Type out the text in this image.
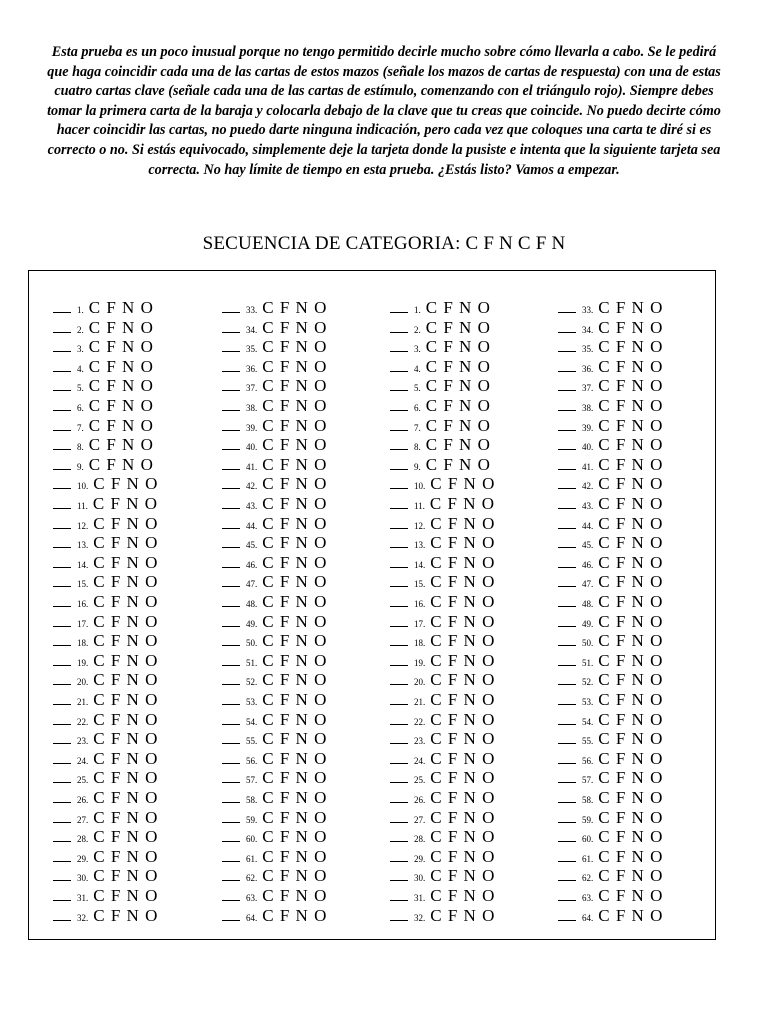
Esta prueba es un poco inusual porque no tengo permitido decirle mucho sobre cómo llevarla a cabo. Se le pedirá que haga coincidir cada una de las cartas de estos mazos (señale los mazos de cartas de respuesta) con una de estas cuatro cartas clave (señale cada una de las cartas de estímulo, comenzando con el triángulo rojo). Siempre debes tomar la primera carta de la baraja y colocarla debajo de la clave que tu creas que coincide. No puedo decirte cómo hacer coincidir las cartas, no puedo darte ninguna indicación, pero cada vez que coloques una carta te diré si es correcto o no. Si estás equivocado, simplemente deje la tarjeta donde la pusiste e intenta que la siguiente tarjeta sea correcta. No hay límite de tiempo en esta prueba. ¿Estás listo? Vamos a empezar.

SECUENCIA DE CATEGORIA: C F N C F N
1. C F N O
2. C F N O
3. C F N O
4. C F N O
5. C F N O
6. C F N O
7. C F N O
8. C F N O
9. C F N O
10. C F N O
11. C F N O
12. C F N O
13. C F N O
14. C F N O
15. C F N O
16. C F N O
17. C F N O
18. C F N O
19. C F N O
20. C F N O
21. C F N O
22. C F N O
23. C F N O
24. C F N O
25. C F N O
26. C F N O
27. C F N O
28. C F N O
29. C F N O
30. C F N O
31. C F N O
32. C F N O
33. C F N O
34. C F N O
35. C F N O
36. C F N O
37. C F N O
38. C F N O
39. C F N O
40. C F N O
41. C F N O
42. C F N O
43. C F N O
44. C F N O
45. C F N O
46. C F N O
47. C F N O
48. C F N O
49. C F N O
50. C F N O
51. C F N O
52. C F N O
53. C F N O
54. C F N O
55. C F N O
56. C F N O
57. C F N O
58. C F N O
59. C F N O
60. C F N O
61. C F N O
62. C F N O
63. C F N O
64. C F N O
1. C F N O
2. C F N O
3. C F N O
4. C F N O
5. C F N O
6. C F N O
7. C F N O
8. C F N O
9. C F N O
10. C F N O
11. C F N O
12. C F N O
13. C F N O
14. C F N O
15. C F N O
16. C F N O
17. C F N O
18. C F N O
19. C F N O
20. C F N O
21. C F N O
22. C F N O
23. C F N O
24. C F N O
25. C F N O
26. C F N O
27. C F N O
28. C F N O
29. C F N O
30. C F N O
31. C F N O
32. C F N O
33. C F N O
34. C F N O
35. C F N O
36. C F N O
37. C F N O
38. C F N O
39. C F N O
40. C F N O
41. C F N O
42. C F N O
43. C F N O
44. C F N O
45. C F N O
46. C F N O
47. C F N O
48. C F N O
49. C F N O
50. C F N O
51. C F N O
52. C F N O
53. C F N O
54. C F N O
55. C F N O
56. C F N O
57. C F N O
58. C F N O
59. C F N O
60. C F N O
61. C F N O
62. C F N O
63. C F N O
64. C F N O
